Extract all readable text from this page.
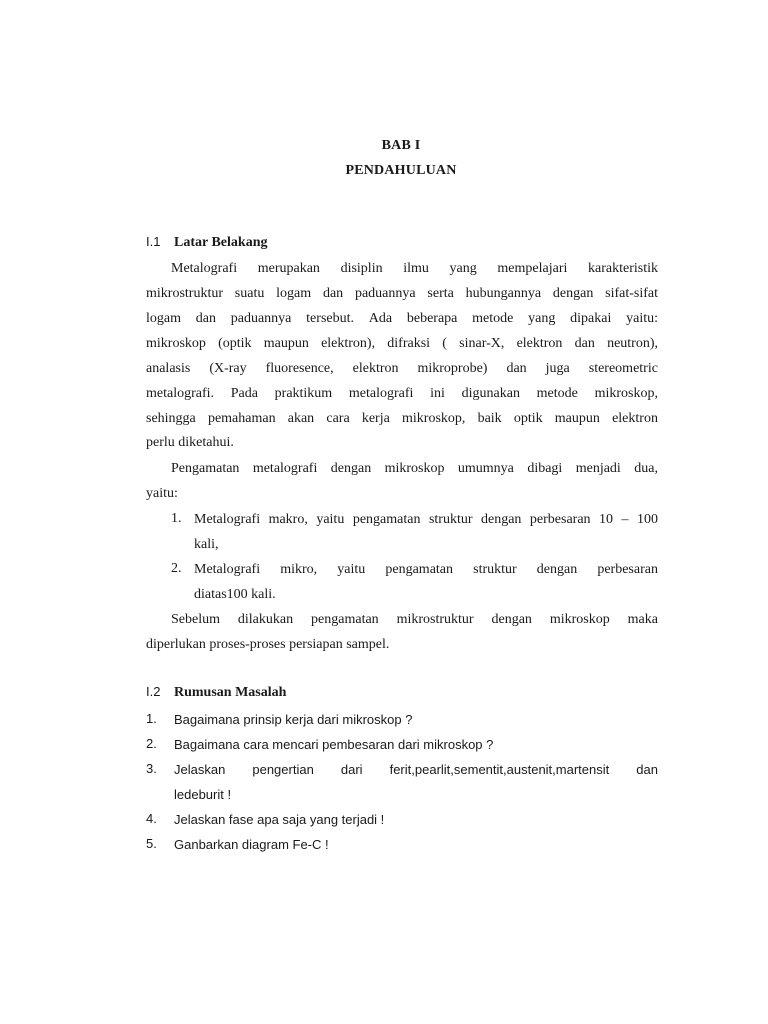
BAB I
PENDAHULUAN
I.1 Latar Belakang
Metalografi merupakan disiplin ilmu yang mempelajari karakteristik
mikrostruktur suatu logam dan paduannya serta hubungannya dengan sifat-sifat
logam dan paduannya tersebut. Ada beberapa metode yang dipakai yaitu:
mikroskop (optik maupun elektron), difraksi ( sinar-X, elektron dan neutron),
analasis (X-ray fluoresence, elektron mikroprobe) dan juga stereometric
metalografi. Pada praktikum metalografi ini digunakan metode mikroskop,
sehingga pemahaman akan cara kerja mikroskop, baik optik maupun elektron
perlu diketahui.
Pengamatan metalografi dengan mikroskop umumnya dibagi menjadi dua,
yaitu:
1. Metalografi makro, yaitu pengamatan struktur dengan perbesaran 10 – 100
kali,
2. Metalografi mikro, yaitu pengamatan struktur dengan perbesaran
diatas100 kali.
Sebelum dilakukan pengamatan mikrostruktur dengan mikroskop maka
diperlukan proses-proses persiapan sampel.
I.2 Rumusan Masalah
1. Bagaimana prinsip kerja dari mikroskop ?
2. Bagaimana cara mencari pembesaran dari mikroskop ?
3. Jelaskan pengertian dari ferit,pearlit,sementit,austenit,martensit dan
ledeburit !
4. Jelaskan fase apa saja yang terjadi !
5. Ganbarkan diagram Fe-C !
